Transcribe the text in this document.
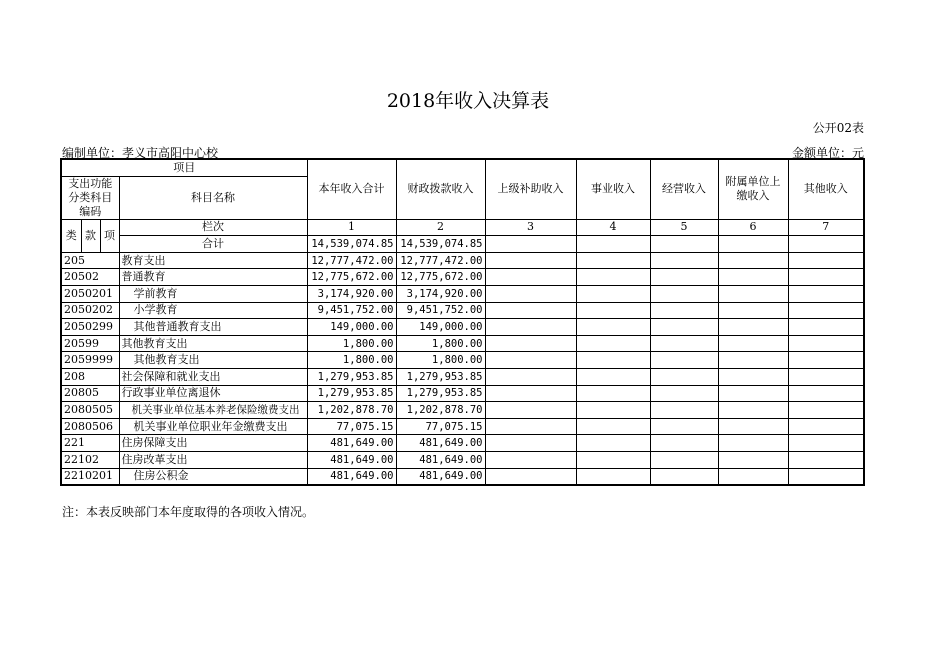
2018年收入决算表
公开02表
编制单位：孝义市高阳中心校	金额单位：元
项目				本年收入合计	财政拨款收入	上级补助收入	事业收入	经营收入	附属单位上缴收入	其他收入
支出功能分类科目编码			科目名称							

类	款	项	栏次	1	2	3	4	5	6	7
			合计	14,539,074.85	14,539,074.85					
205			教育支出	12,777,472.00	12,777,472.00					
20502			普通教育	12,775,672.00	12,775,672.00					
2050201			学前教育	3,174,920.00	3,174,920.00					
2050202			小学教育	9,451,752.00	9,451,752.00					
2050299			其他普通教育支出	149,000.00	149,000.00					
20599			其他教育支出	1,800.00	1,800.00					
2059999			其他教育支出	1,800.00	1,800.00					
208			社会保障和就业支出	1,279,953.85	1,279,953.85					
20805			行政事业单位离退休	1,279,953.85	1,279,953.85					
2080505			机关事业单位基本养老保险缴费支出	1,202,878.70	1,202,878.70					
2080506			机关事业单位职业年金缴费支出	77,075.15	77,075.15					
221			住房保障支出	481,649.00	481,649.00					
22102			住房改革支出	481,649.00	481,649.00					
2210201			住房公积金	481,649.00	481,649.00					
注：本表反映部门本年度取得的各项收入情况。
